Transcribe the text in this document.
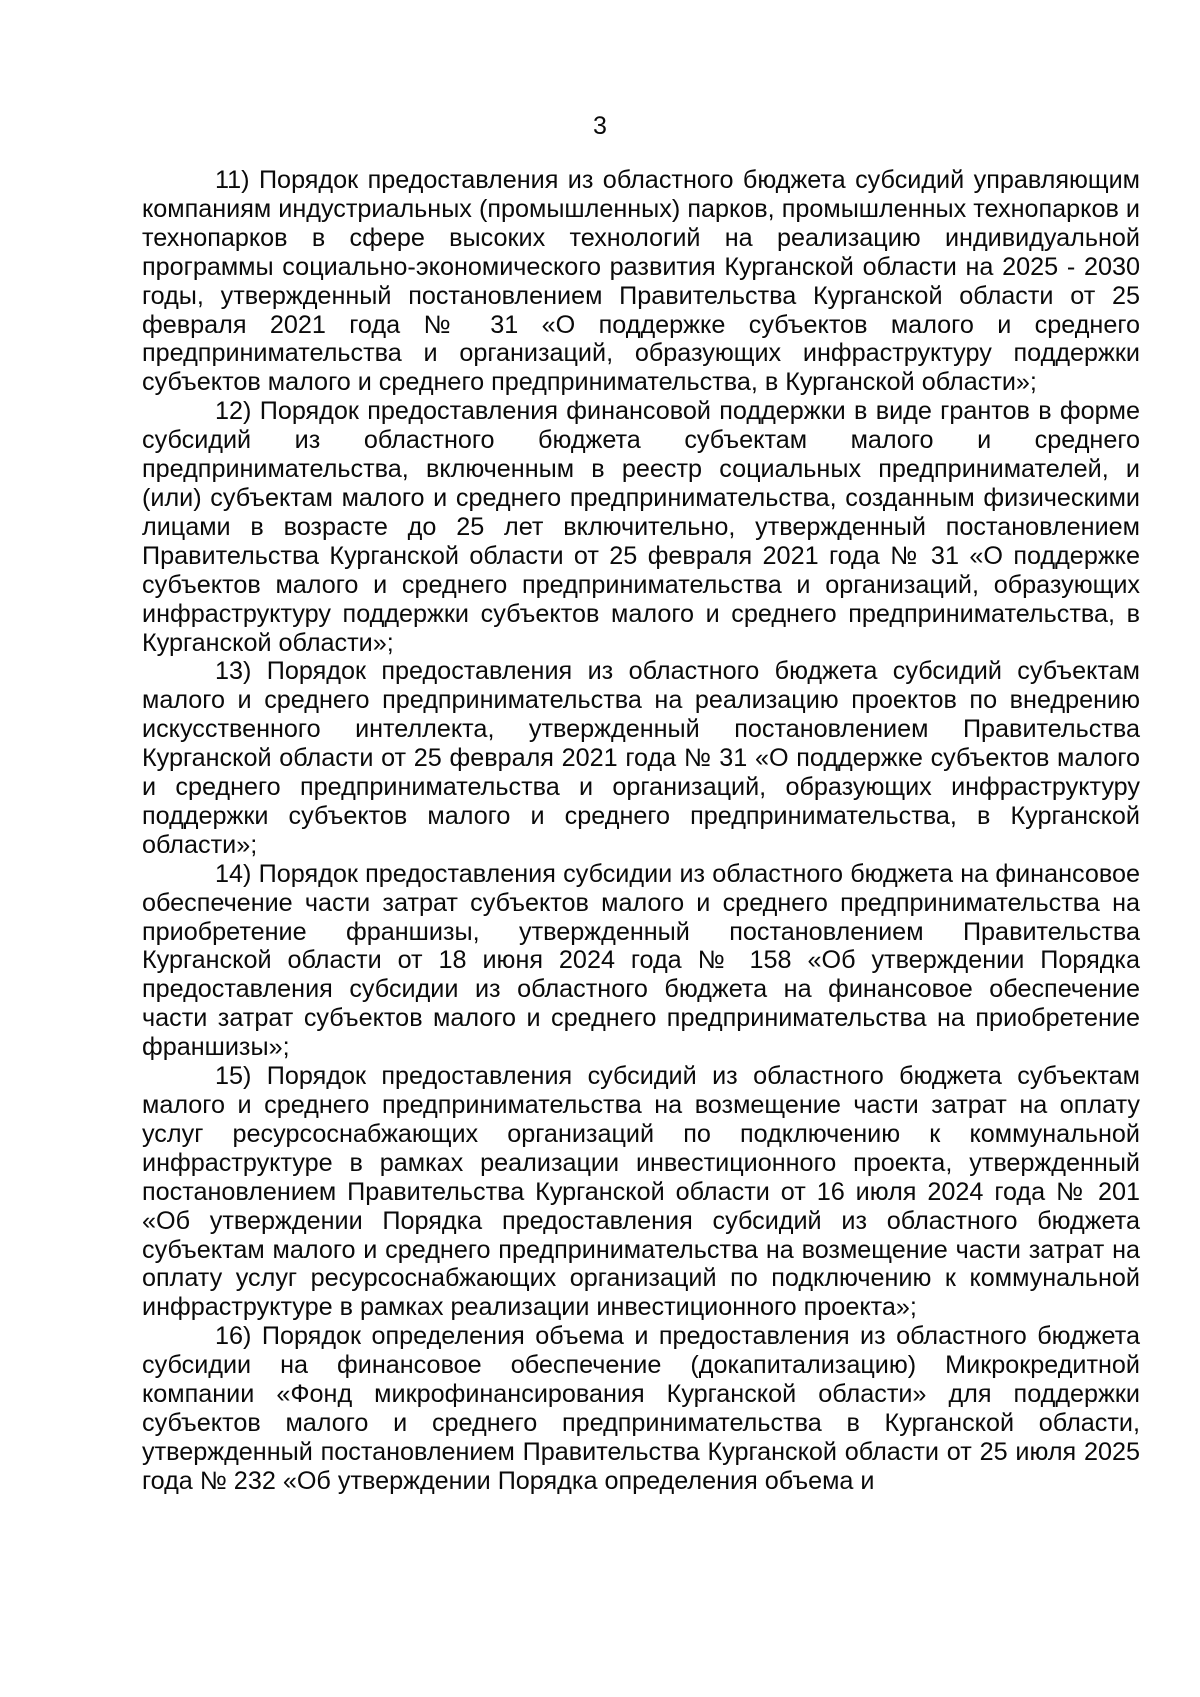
3

11) Порядок предоставления из областного бюджета субсидий управляющим компаниям индустриальных (промышленных) парков, промышленных технопарков и технопарков в сфере высоких технологий на реализацию индивидуальной программы социально-экономического развития Курганской области на 2025 - 2030 годы, утвержденный постановлением Правительства Курганской области от 25 февраля 2021 года № 31 «О поддержке субъектов малого и среднего предпринимательства и организаций, образующих инфраструктуру поддержки субъектов малого и среднего предпринимательства, в Курганской области»;

12) Порядок предоставления финансовой поддержки в виде грантов в форме субсидий из областного бюджета субъектам малого и среднего предпринимательства, включенным в реестр социальных предпринимателей, и (или) субъектам малого и среднего предпринимательства, созданным физическими лицами в возрасте до 25 лет включительно, утвержденный постановлением Правительства Курганской области от 25 февраля 2021 года № 31 «О поддержке субъектов малого и среднего предпринимательства и организаций, образующих инфраструктуру поддержки субъектов малого и среднего предпринимательства, в Курганской области»;

13) Порядок предоставления из областного бюджета субсидий субъектам малого и среднего предпринимательства на реализацию проектов по внедрению искусственного интеллекта, утвержденный постановлением Правительства Курганской области от 25 февраля 2021 года № 31 «О поддержке субъектов малого и среднего предпринимательства и организаций, образующих инфраструктуру поддержки субъектов малого и среднего предпринимательства, в Курганской области»;

14) Порядок предоставления субсидии из областного бюджета на финансовое обеспечение части затрат субъектов малого и среднего предпринимательства на приобретение франшизы, утвержденный постановлением Правительства Курганской области от 18 июня 2024 года № 158 «Об утверждении Порядка предоставления субсидии из областного бюджета на финансовое обеспечение части затрат субъектов малого и среднего предпринимательства на приобретение франшизы»;

15) Порядок предоставления субсидий из областного бюджета субъектам малого и среднего предпринимательства на возмещение части затрат на оплату услуг ресурсоснабжающих организаций по подключению к коммунальной инфраструктуре в рамках реализации инвестиционного проекта, утвержденный постановлением Правительства Курганской области от 16 июля 2024 года № 201 «Об утверждении Порядка предоставления субсидий из областного бюджета субъектам малого и среднего предпринимательства на возмещение части затрат на оплату услуг ресурсоснабжающих организаций по подключению к коммунальной инфраструктуре в рамках реализации инвестиционного проекта»;

16) Порядок определения объема и предоставления из областного бюджета субсидии на финансовое обеспечение (докапитализацию) Микрокредитной компании «Фонд микрофинансирования Курганской области» для поддержки субъектов малого и среднего предпринимательства в Курганской области, утвержденный постановлением Правительства Курганской области от 25 июля 2025 года № 232 «Об утверждении Порядка определения объема и
